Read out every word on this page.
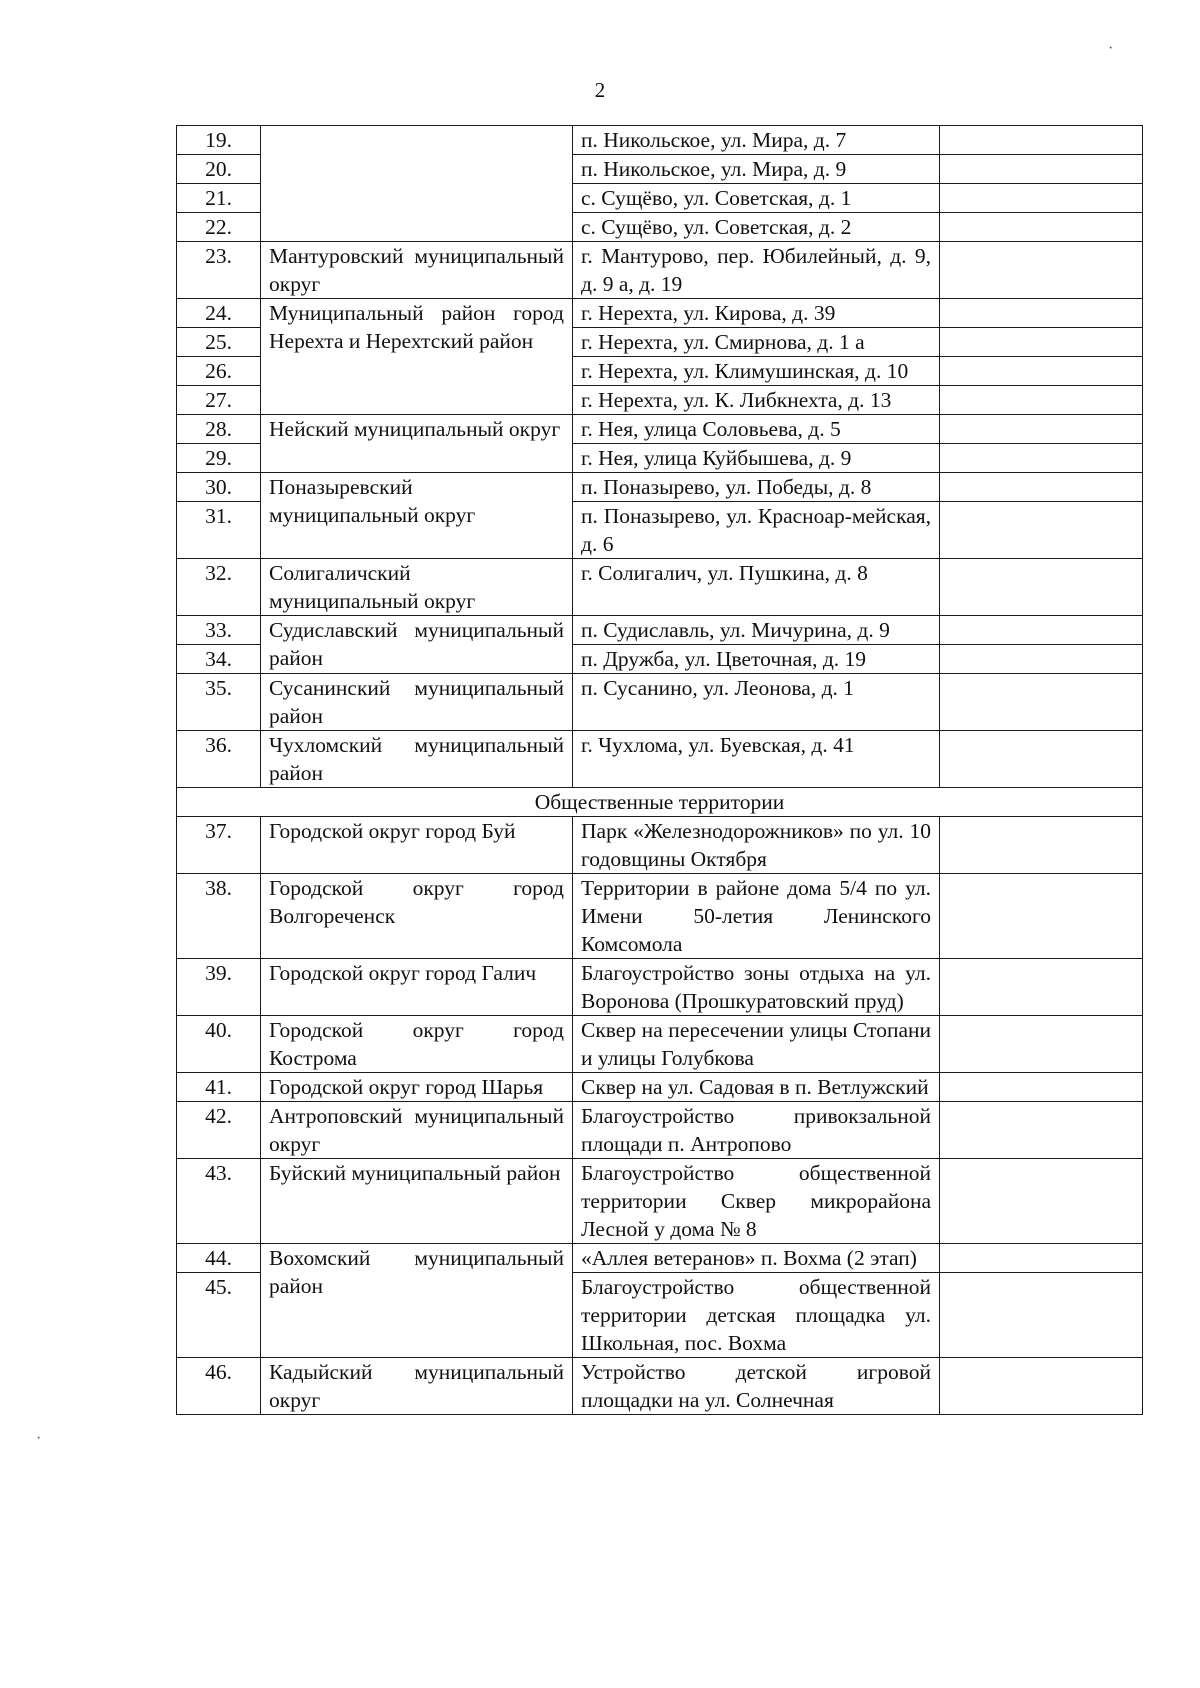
2
·
·
19.		п. Никольское, ул. Мира, д. 7	
20.		п. Никольское, ул. Мира, д. 9	
21.		с. Сущёво, ул. Советская, д. 1	
22.		с. Сущёво, ул. Советская, д. 2	
23.	Мантуровский муниципальный округ	г. Мантурово, пер. Юбилейный, д. 9, д. 9 а, д. 19	
24.	Муниципальный район город Нерехта и Нерехтский район	г. Нерехта, ул. Кирова, д. 39	
25.		г. Нерехта, ул. Смирнова, д. 1 а	
26.		г. Нерехта, ул. Климушинская, д. 10	
27.		г. Нерехта, ул. К. Либкнехта, д. 13	
28.	Нейский муниципальный округ	г. Нея, улица Соловьева, д. 5	
29.		г. Нея, улица Куйбышева, д. 9	
30.	Поназыревский муниципальный округ	п. Поназырево, ул. Победы, д. 8	
31.		п. Поназырево, ул. Красноар-мейская, д. 6	
32.	Солигаличский муниципальный округ	г. Солигалич, ул. Пушкина, д. 8	
33.	Судиславский муниципальный район	п. Судиславль, ул. Мичурина, д. 9	
34.		п. Дружба, ул. Цветочная, д. 19	
35.	Сусанинский муниципальный район	п. Сусанино, ул. Леонова, д. 1	
36.	Чухломский муниципальный район	г. Чухлома, ул. Буевская, д. 41	
Общественные территории			
37.	Городской округ город Буй	Парк «Железнодорожников» по ул. 10 годовщины Октября	
38.	Городской округ город Волгореченск	Территории в районе дома 5/4 по ул. Имени 50-летия Ленинского Комсомола	
39.	Городской округ город Галич	Благоустройство зоны отдыха на ул. Воронова (Прошкуратовский пруд)	
40.	Городской округ город Кострома	Сквер на пересечении улицы Стопани и улицы Голубкова	
41.	Городской округ город Шарья	Сквер на ул. Садовая в п. Ветлужский	
42.	Антроповский муниципальный округ	Благоустройство привокзальной площади п. Антропово	
43.	Буйский муниципальный район	Благоустройство общественной территории Сквер микрорайона Лесной у дома № 8	
44.	Вохомский муниципальный район	«Аллея ветеранов» п. Вохма (2 этап)	
45.		Благоустройство общественной территории детская площадка ул. Школьная, пос. Вохма	
46.	Кадыйский муниципальный округ	Устройство детской игровой площадки на ул. Солнечная	
